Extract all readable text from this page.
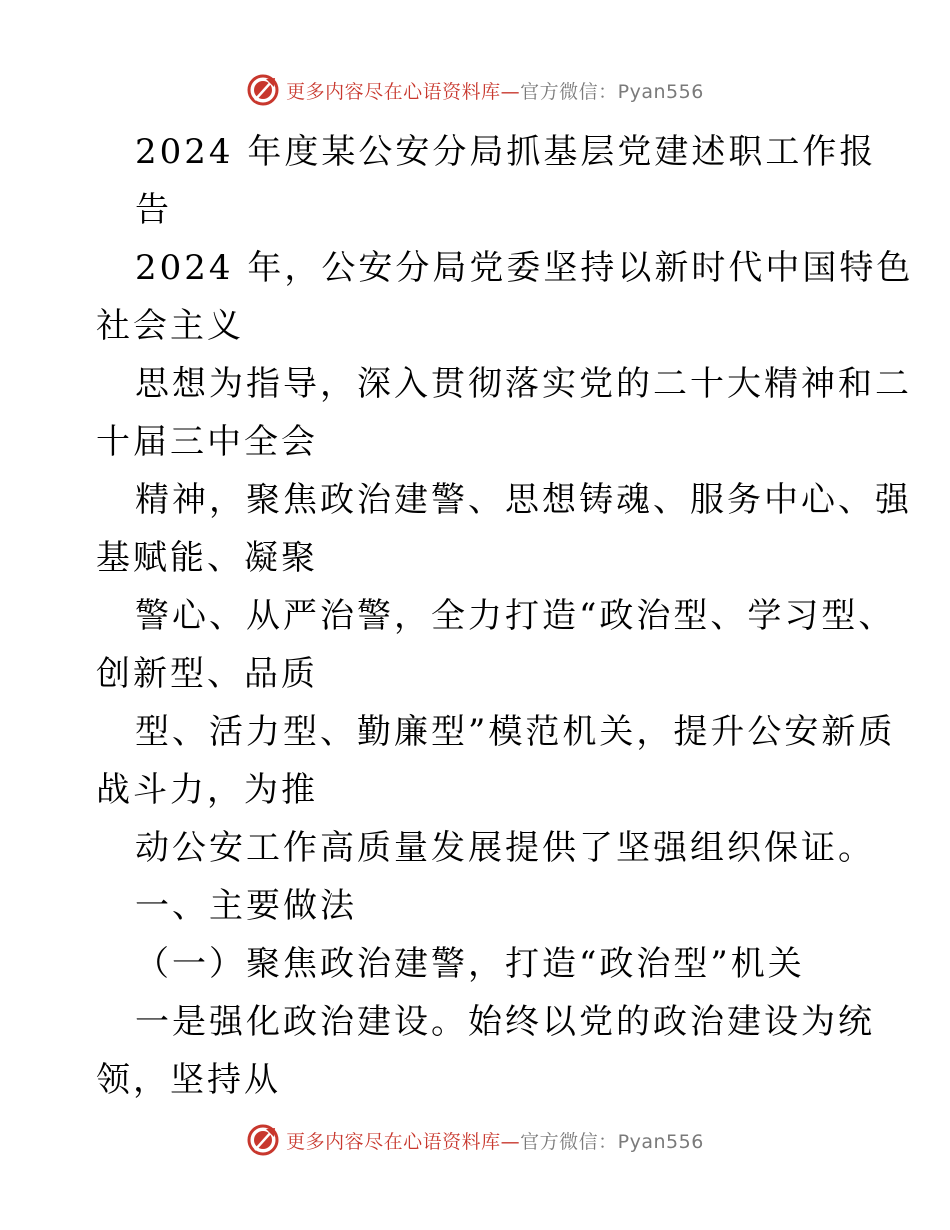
更多内容尽在心语资料库—官方微信：Pyan556
2024 年度某公安分局抓基层党建述职工作报
告
2024 年，公安分局党委坚持以新时代中国特色
社会主义
思想为指导，深入贯彻落实党的二十大精神和二
十届三中全会
精神，聚焦政治建警、思想铸魂、服务中心、强
基赋能、凝聚
警心、从严治警，全力打造“政治型、学习型、
创新型、品质
型、活力型、勤廉型”模范机关，提升公安新质
战斗力，为推
动公安工作高质量发展提供了坚强组织保证。
一、主要做法
（一）聚焦政治建警，打造“政治型”机关
一是强化政治建设。始终以党的政治建设为统
领，坚持从
更多内容尽在心语资料库—官方微信：Pyan556
